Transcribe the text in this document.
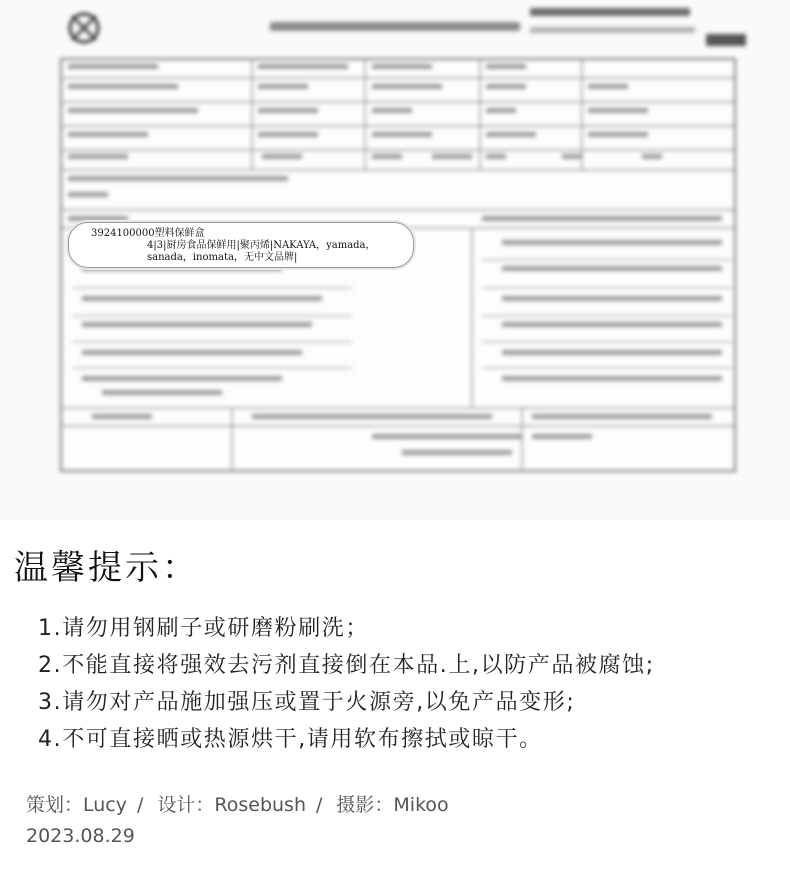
3924100000塑料保鲜盒
4|3|厨房食品保鲜用|聚丙烯|NAKAYA，yamada，
sanada，inomata，无中文品牌|
温馨提示：
1.请勿用钢刷子或研磨粉刷洗；
2.不能直接将强效去污剂直接倒在本品.上,以防产品被腐蚀;
3.请勿对产品施加强压或置于火源旁,以免产品变形;
4.不可直接晒或热源烘干,请用软布擦拭或晾干。
策划：Lucy / 设计：Rosebush / 摄影：Mikoo
2023.08.29
